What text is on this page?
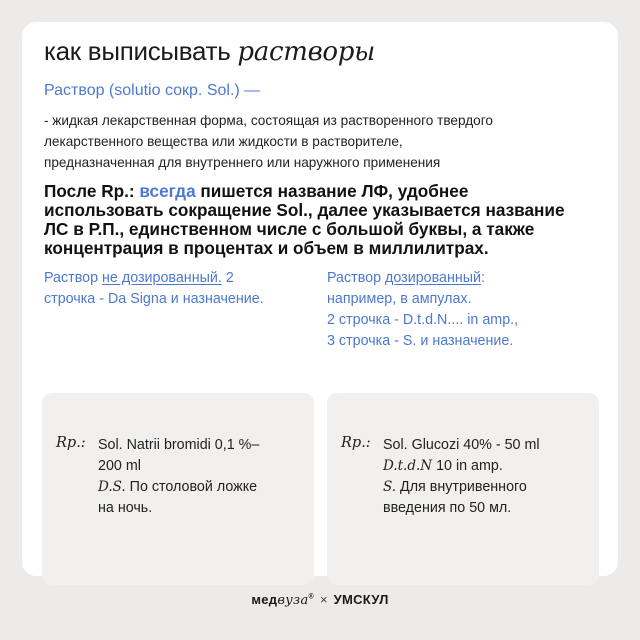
как выписывать растворы
Раствор (solutio сокр. Sol.) —
- жидкая лекарственная форма, состоящая из растворенного твердого
лекарственного вещества или жидкости в растворителе,
предназначенная для внутреннего или наружного применения
После Rp.: всегда пишется название ЛФ, удобнее
использовать сокращение Sol., далее указывается название
ЛС в Р.П., единственном числе с большой буквы, а также
концентрация в процентах и объем в миллилитрах.
Раствор не дозированный. 2
строчка - Da Signa и назначение.
Раствор дозированный:
например, в ампулах.
2 строчка - D.t.d.N.... in amp.,
3 строчка - S. и назначение.
Rp.: Sol. Natrii bromidi 0,1 %–
200 ml
D.S. По столовой ложке
на ночь.
Rp.: Sol. Glucozi 40% - 50 ml
D.t.d.N 10 in amp.
S. Для внутривенного
введения по 50 мл.
медвуза® × УМСКУЛ
